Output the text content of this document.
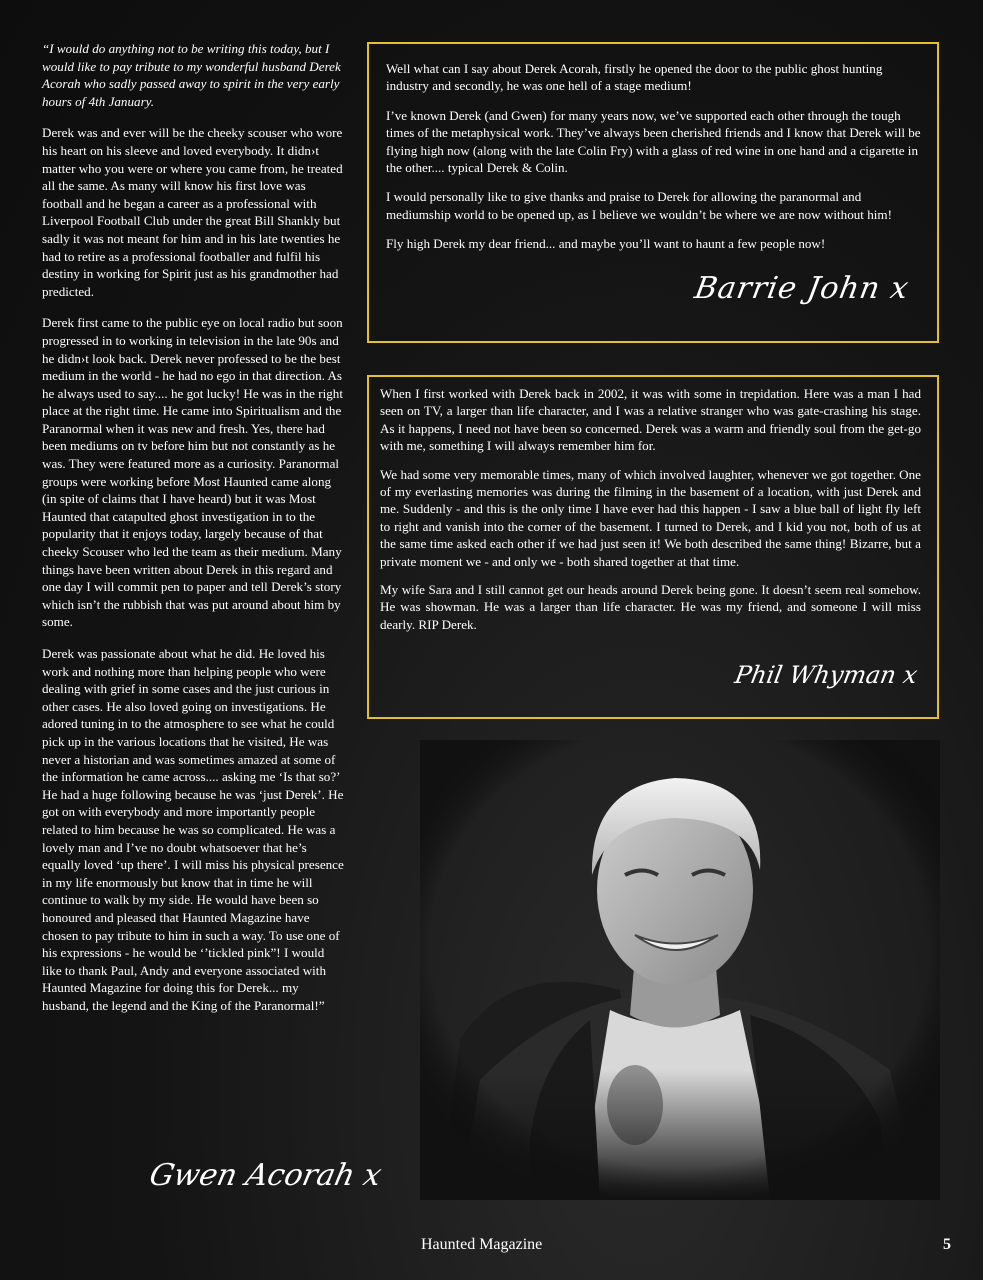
“I would do anything not to be writing this today, but I would like to pay tribute to my wonderful husband Derek Acorah who sadly passed away to spirit in the very early hours of 4th January.

Derek was and ever will be the cheeky scouser who wore his heart on his sleeve and loved everybody. It didn›t matter who you were or where you came from, he treated all the same. As many will know his first love was football and he began a career as a professional with Liverpool Football Club under the great Bill Shankly but sadly it was not meant for him and in his late twenties he had to retire as a professional footballer and fulfil his destiny in working for Spirit just as his grandmother had predicted.

Derek first came to the public eye on local radio but soon progressed in to working in television in the late 90s and he didn›t look back. Derek never professed to be the best medium in the world - he had no ego in that direction. As he always used to say.... he got lucky! He was in the right place at the right time. He came into Spiritualism and the Paranormal when it was new and fresh. Yes, there had been mediums on tv before him but not constantly as he was. They were featured more as a curiosity. Paranormal groups were working before Most Haunted came along (in spite of claims that I have heard) but it was Most Haunted that catapulted ghost investigation in to the popularity that it enjoys today, largely because of that cheeky Scouser who led the team as their medium. Many things have been written about Derek in this regard and one day I will commit pen to paper and tell Derek’s story which isn’t the rubbish that was put around about him by some.

Derek was passionate about what he did. He loved his work and nothing more than helping people who were dealing with grief in some cases and the just curious in other cases. He also loved going on investigations. He adored tuning in to the atmosphere to see what he could pick up in the various locations that he visited, He was never a historian and was sometimes amazed at some of the information he came across.... asking me ‘Is that so?’ He had a huge following because he was ‘just Derek’. He got on with everybody and more importantly people related to him because he was so complicated. He was a lovely man and I’ve no doubt whatsoever that he’s equally loved ‘up there’. I will miss his physical presence in my life enormously but know that in time he will continue to walk by my side. He would have been so honoured and pleased that Haunted Magazine have chosen to pay tribute to him in such a way. To use one of his expressions - he would be ‘’tickled pink”! I would like to thank Paul, Andy and everyone associated with Haunted Magazine for doing this for Derek... my husband, the legend and the King of the Paranormal!”

Gwen Acorah x

Well what can I say about Derek Acorah, firstly he opened the door to the public ghost hunting industry and secondly, he was one hell of a stage medium!

I’ve known Derek (and Gwen) for many years now, we’ve supported each other through the tough times of the metaphysical work. They’ve always been cherished friends and I know that Derek will be flying high now (along with the late Colin Fry) with a glass of red wine in one hand and a cigarette in the other.... typical Derek & Colin.

I would personally like to give thanks and praise to Derek for allowing the paranormal and mediumship world to be opened up, as I believe we wouldn’t be where we are now without him!

Fly high Derek my dear friend... and maybe you’ll want to haunt a few people now!

Barrie John x

When I first worked with Derek back in 2002, it was with some in trepidation. Here was a man I had seen on TV, a larger than life character, and I was a relative stranger who was gate-crashing his stage. As it happens, I need not have been so concerned. Derek was a warm and friendly soul from the get-go with me, something I will always remember him for.

We had some very memorable times, many of which involved laughter, whenever we got together. One of my everlasting memories was during the filming in the basement of a location, with just Derek and me. Suddenly - and this is the only time I have ever had this happen - I saw a blue ball of light fly left to right and vanish into the corner of the basement. I turned to Derek, and I kid you not, both of us at the same time asked each other if we had just seen it! We both described the same thing! Bizarre, but a private moment we - and only we - both shared together at that time.

My wife Sara and I still cannot get our heads around Derek being gone. It doesn’t seem real somehow. He was showman. He was a larger than life character. He was my friend, and someone I will miss dearly. RIP Derek.

Phil Whyman x
Haunted Magazine	5
